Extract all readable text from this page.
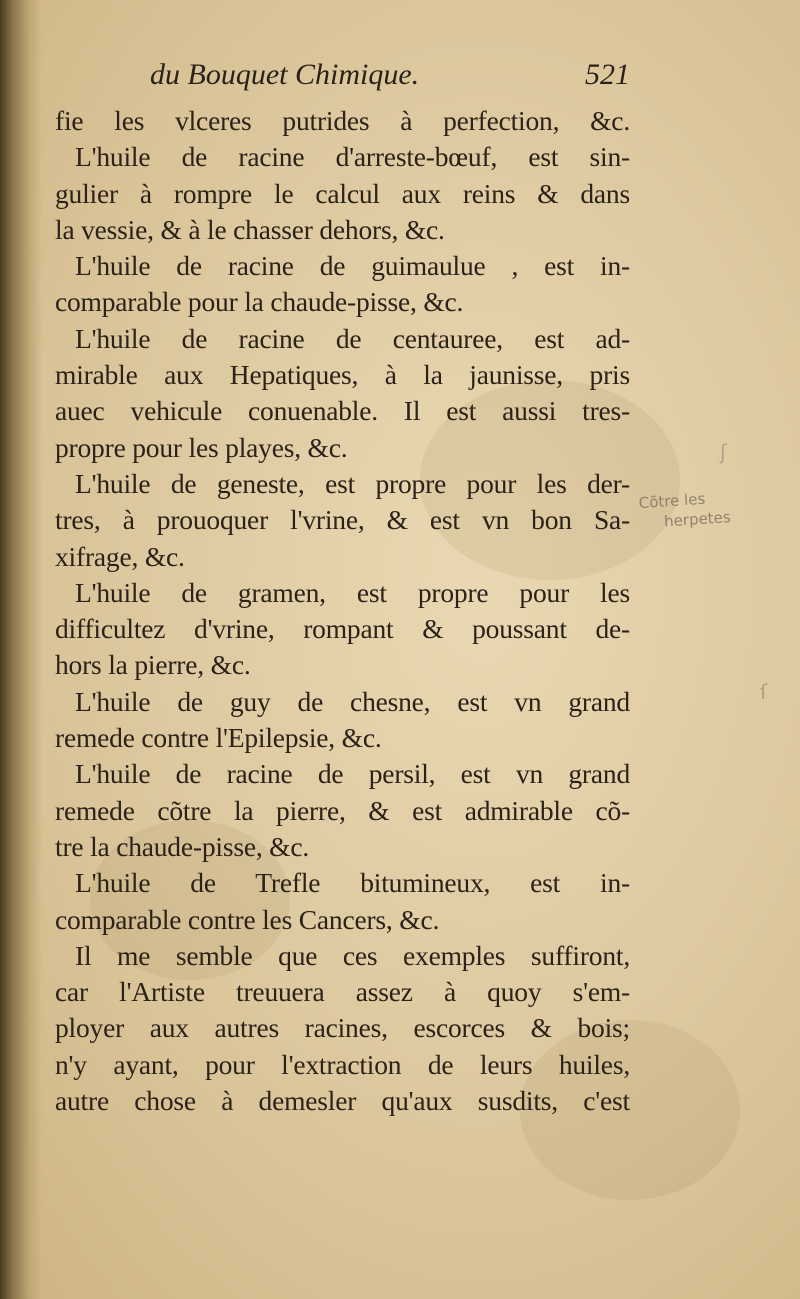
du Bouquet Chimique.	521
fie les vlceres putrides à perfection, &c.
L'huile de racine d'arreste-bœuf, est sin-
gulier à rompre le calcul aux reins & dans
la vessie, & à le chasser dehors, &c.
L'huile de racine de guimaulue , est in-
comparable pour la chaude-pisse, &c.
L'huile de racine de centauree, est ad-
mirable aux Hepatiques, à la jaunisse, pris
auec vehicule conuenable. Il est aussi tres-
propre pour les playes, &c.
L'huile de geneste, est propre pour les der-
tres, à prouoquer l'vrine, & est vn bon Sa-
xifrage, &c.
L'huile de gramen, est propre pour les
difficultez d'vrine, rompant & poussant de-
hors la pierre, &c.
L'huile de guy de chesne, est vn grand
remede contre l'Epilepsie, &c.
L'huile de racine de persil, est vn grand
remede cõtre la pierre, & est admirable cõ-
tre la chaude-pisse, &c.
L'huile de Trefle bitumineux, est in-
comparable contre les Cancers, &c.
Il me semble que ces exemples suffiront,
car l'Artiste treuuera assez à quoy s'em-
ployer aux autres racines, escorces & bois;
n'y ayant, pour l'extraction de leurs huiles,
autre chose à demesler qu'aux susdits, c'est
Cõtre les
herpetes
ʃ
ſ
